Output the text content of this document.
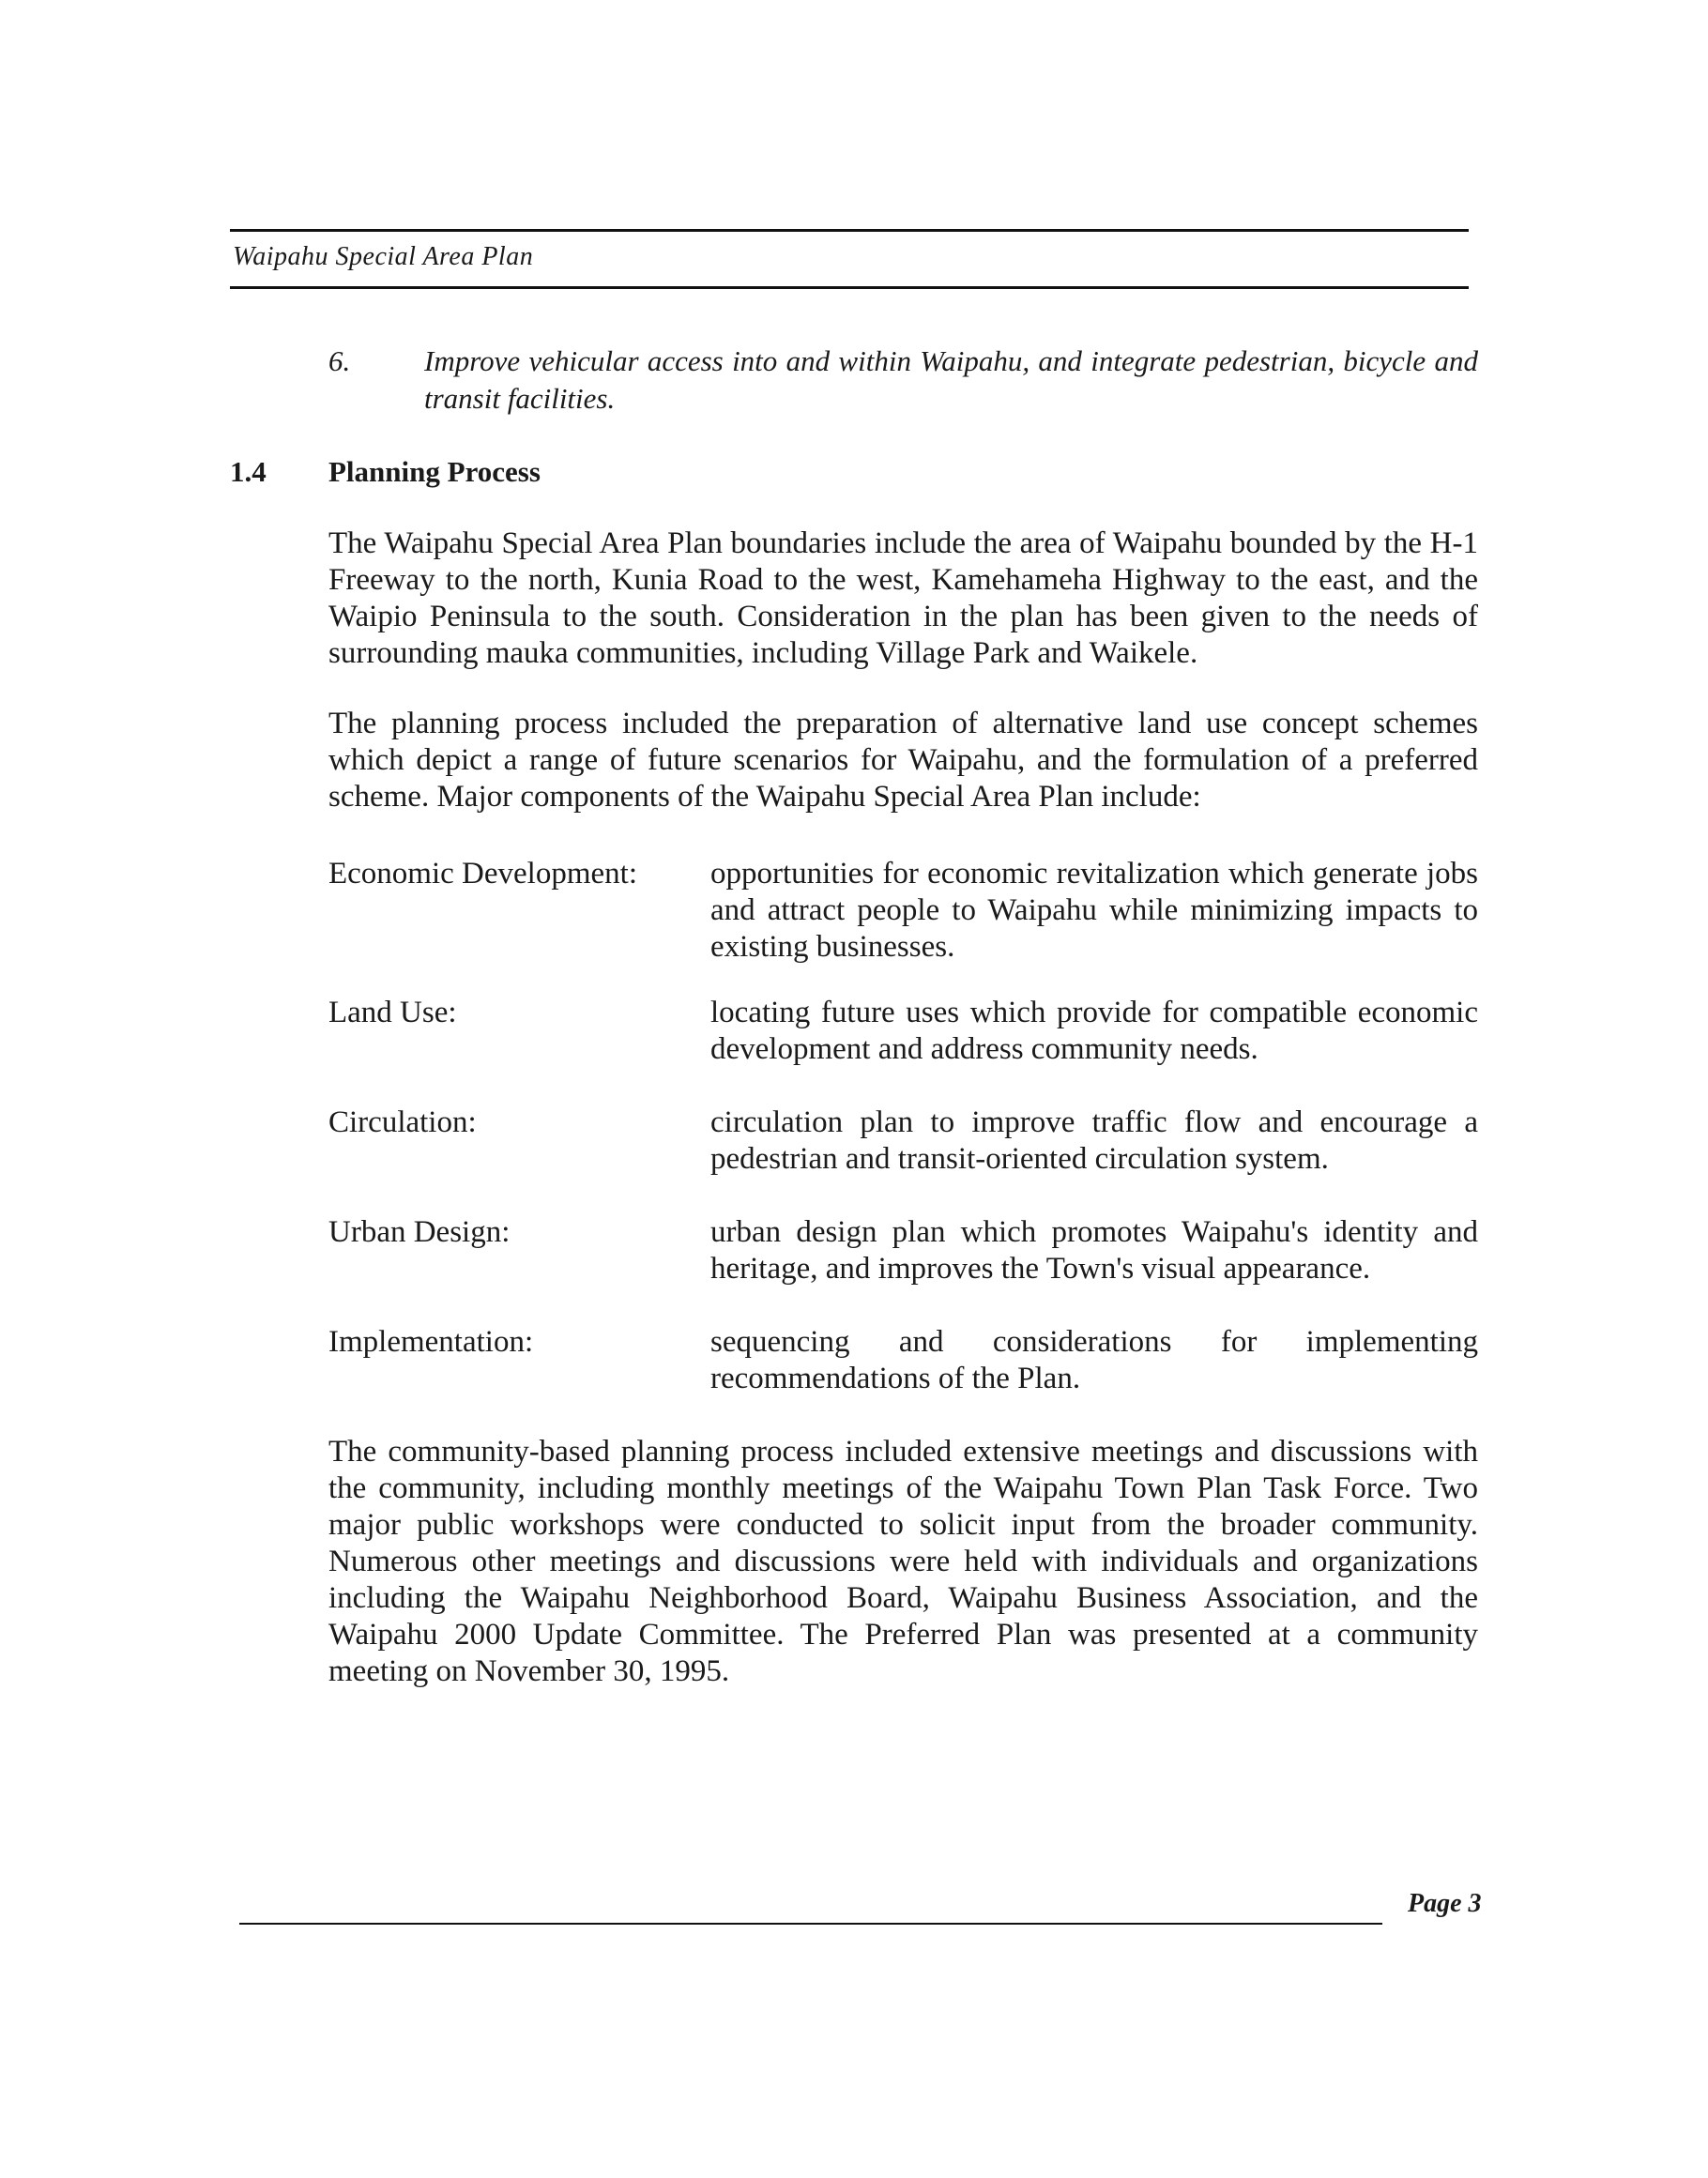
Waipahu Special Area Plan
6.	Improve vehicular access into and within Waipahu, and integrate pedestrian, bicycle and transit facilities.
1.4 Planning Process
The Waipahu Special Area Plan boundaries include the area of Waipahu bounded by the H-1 Freeway to the north, Kunia Road to the west, Kamehameha Highway to the east, and the Waipio Peninsula to the south. Consideration in the plan has been given to the needs of surrounding mauka communities, including Village Park and Waikele.
The planning process included the preparation of alternative land use concept schemes which depict a range of future scenarios for Waipahu, and the formulation of a preferred scheme. Major components of the Waipahu Special Area Plan include:
Economic Development:	opportunities for economic revitalization which generate jobs and attract people to Waipahu while minimizing impacts to existing businesses.
Land Use:	locating future uses which provide for compatible economic development and address community needs.
Circulation:	circulation plan to improve traffic flow and encourage a pedestrian and transit-oriented circulation system.
Urban Design:	urban design plan which promotes Waipahu's identity and heritage, and improves the Town's visual appearance.
Implementation:	sequencing and considerations for implementing recommendations of the Plan.
The community-based planning process included extensive meetings and discussions with the community, including monthly meetings of the Waipahu Town Plan Task Force. Two major public workshops were conducted to solicit input from the broader community. Numerous other meetings and discussions were held with individuals and organizations including the Waipahu Neighborhood Board, Waipahu Business Association, and the Waipahu 2000 Update Committee. The Preferred Plan was presented at a community meeting on November 30, 1995.
Page 3
